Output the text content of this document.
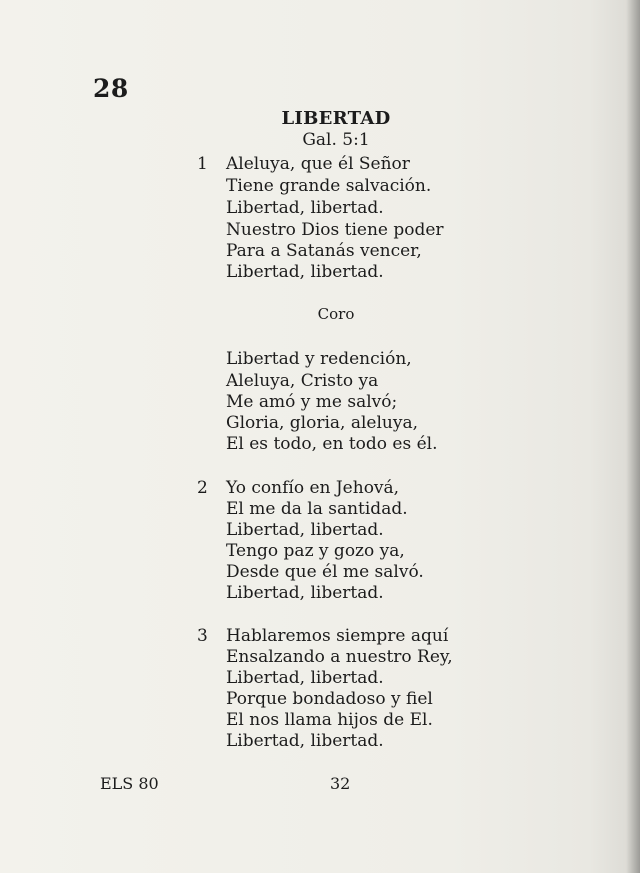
28
LIBERTAD
Gal. 5:1
1 Aleluya, que él Señor
Tiene grande salvación.
Libertad, libertad.
Nuestro Dios tiene poder
Para a Satanás vencer,
Libertad, libertad.
Coro
Libertad y redención,
Aleluya, Cristo ya
Me amó y me salvó;
Gloria, gloria, aleluya,
El es todo, en todo es él.
2 Yo confío en Jehová,
El me da la santidad.
Libertad, libertad.
Tengo paz y gozo ya,
Desde que él me salvó.
Libertad, libertad.
3 Hablaremos siempre aquí
Ensalzando a nuestro Rey,
Libertad, libertad.
Porque bondadoso y fiel
El nos llama hijos de El.
Libertad, libertad.
ELS 80	32
